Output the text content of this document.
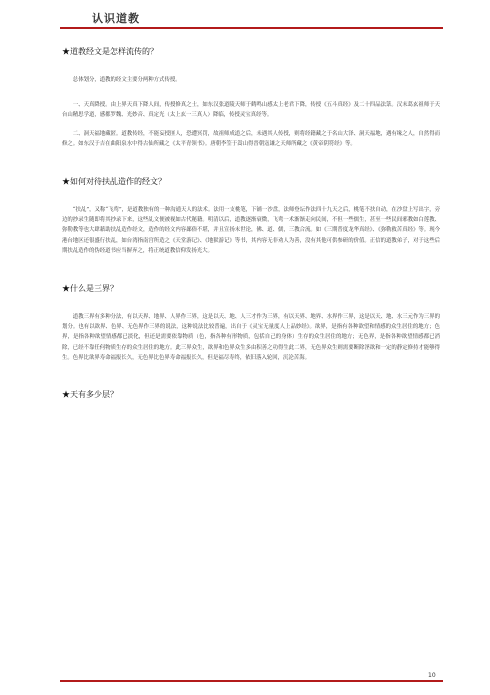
认识道教

★道教经文是怎样流传的？

总体划分，道教的经文主要分两种方式传授。

一、天真降授。由上界天真下降人间，传授修真之士，如东汉张道陵天师于鹤鸣山感太上老君下降，传授《五斗真经》及二十四品法箓。汉末葛玄祖师于天台山精思学道，感都罗魏、光妙音、真定光（太上玄一三真人）降临，传授灵宝真经等。

二、洞天福地藏匿。道教传经，不能妄授匪人，恐遭冥罚，故祖师成道之后，未遇其人传授，则将经籍藏之于名山大泽、洞天福地，遇有缘之人，自然得而修之。如东汉于吉在曲阳泉水中得古仙所藏之《太平青领书》。唐朝李筌于嵩山得晋朝寇谦之天师所藏之《黄帝阴符经》等。

★如何对待扶乩造作的经文？

“扶乩”，又称“飞鸾”，是道教独有的一种沟通天人的法术。法用一支桃笔，下铺一沙盘，法师登坛作法四十九天之后，桃笔不扶自动，在沙盘上写出字，旁边的抄录生随即将其抄录下来，这些乩文便被视如古代秘籍。明清以后，道教逐渐衰微，飞鸾一术渐渐走向民间，不但一些儒生，甚至一些民间邪教如白莲教、弥勒教等也大肆藉助扶乩造作经文，造作的经文内容鄙俗不堪，并且宣扬末世论，佛、道、儒，三教合流。如《三期普度龙华真经》、《弥勒救苦真经》等。现今港台地区还很盛行扶乩，如台湾指南宫所造之《天堂游记》、《地狱游记》等书，其内容无非劝人为善，没有其他可供参研的价值。正信的道教弟子，对于这些后期扶乩造作的伪经道书应当摒弃之，将正统道教信仰发扬光大。

★什么是三界？

道教三界有多种分法，有以天界、地界、人界作三界，这是以天、地、人三才作为三界，有以天界、地界、水界作三界，这是以天、地、水三元作为三界的划分。也有以欲界、色界、无色界作三界的说法，这种说法比较普遍，出自于《灵宝无量度人上品妙经》。欲界，是指有各种欲望和情感的众生居住的地方；色界，是指各种欲望情感都已淡化，但还是需要依靠物质（色，指各种有形物质，包括自己的身体）生存的众生居住的地方；无色界，是指各种欲望情感都已消除，已经不靠任何物质生存的众生居住的地方。此三界众生，欲界和色界众生多由积善之功得生此二界，无色界众生则需要断除淫欲和一定的静定修持才能够得生。色界比欲界寿命福报长久，无色界比色界寿命福报长久，但是福尽寿终，依旧落入轮回，沉沦苦海。

★天有多少层？

10
